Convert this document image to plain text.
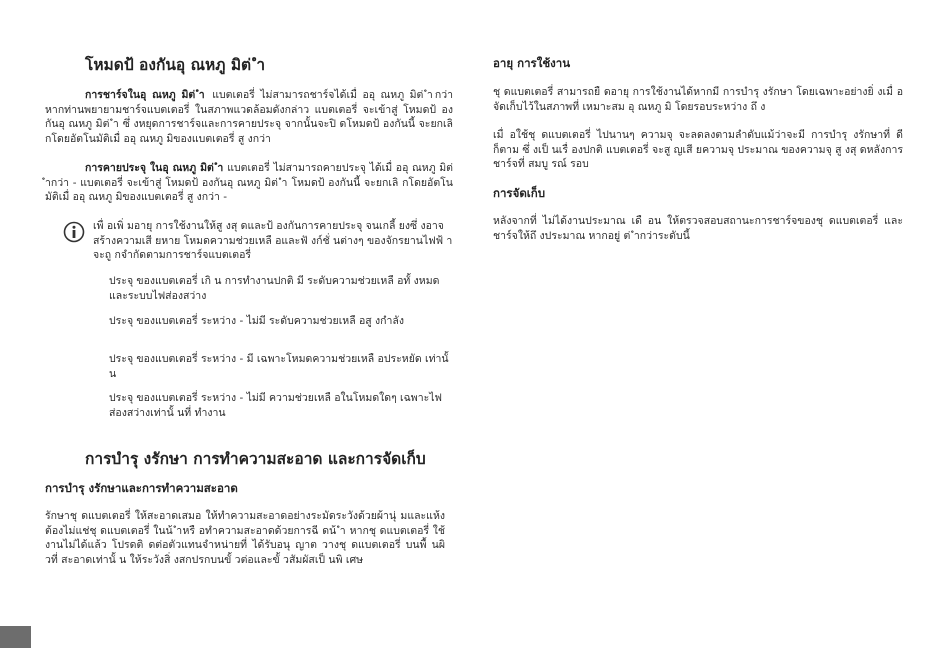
โหมดป้ องกันอุ ณหภู มิต่ ำ

การชาร์จในอุ ณหภู มิต่ ำ แบตเตอรี่ ไม่สามารถชาร์จได้เมื่ ออุ ณหภู มิต่ ำกว่า หากท่านพยายามชาร์จแบตเตอรี่ ในสภาพแวดล้อมดังกล่าว แบตเตอรี่ จะเข้าสู่ โหมดป้ องกันอุ ณหภู มิต่ ำ ซึ่ งหยุดการชาร์จและการคายประจุ จากนั้นจะปิ ดโหมดป้ องกันนี้ จะยกเลิ กโดยอัตโนมัติเมื่ ออุ ณหภู มิของแบตเตอรี่ สู งกว่า

การคายประจุ ในอุ ณหภู มิต่ ำ แบตเตอรี่ ไม่สามารถคายประจุ ได้เมื่ ออุ ณหภู มิต่ ำกว่า - แบตเตอรี่ จะเข้าสู่ โหมดป้ องกันอุ ณหภู มิต่ ำ โหมดป้ องกันนี้ จะยกเลิ กโดยอัตโนมัติเมื่ ออุ ณหภู มิของแบตเตอรี่ สู งกว่า -

เพื่ อเพิ่ มอายุ การใช้งานให้สู งสุ ดและป้ องกันการคายประจุ จนเกลี้ ยงซึ่ งอาจสร้างความเสี ยหาย โหมดความช่วยเหลื อและฟั งก์ชั่ นต่างๆ ของจักรยานไฟฟ้ าจะถู กจำกัดตามการชาร์จแบตเตอรี่

ประจุ ของแบตเตอรี่ เกิ น การทำงานปกติ มี ระดับความช่วยเหลื อทั้ งหมดและระบบไฟส่องสว่าง

ประจุ ของแบตเตอรี่ ระหว่าง - ไม่มี ระดับความช่วยเหลื อสู งกำลัง

ประจุ ของแบตเตอรี่ ระหว่าง - มี เฉพาะโหมดความช่วยเหลื อประหยัด เท่านั้ น

ประจุ ของแบตเตอรี่ ระหว่าง - ไม่มี ความช่วยเหลื อในโหมดใดๆ เฉพาะไฟส่องสว่างเท่านั้ นที่ ทำงาน

การบำรุ งรักษา การทำความสะอาด และการจัดเก็บ
การบำรุ งรักษาและการทำความสะอาด

รักษาชุ ดแบตเตอรี่ ให้สะอาดเสมอ ให้ทำความสะอาดอย่างระมัดระวังด้วยผ้านุ่ มและแห้ง ต้องไม่แช่ชุ ดแบตเตอรี่ ในน้ ำหรื อทำความสะอาดด้วยการฉี ดน้ ำ หากชุ ดแบตเตอรี่ ใช้งานไม่ได้แล้ว โปรดติ ดต่อตัวแทนจำหน่ายที่ ได้รับอนุ ญาต วางชุ ดแบตเตอรี่ บนพื้ นผิ วที่ สะอาดเท่านั้ น ให้ระวังสิ่ งสกปรกบนขั้ วต่อและขั้ วสัมผัสเป็ นพิ เศษ

อายุ การใช้งาน

ชุ ดแบตเตอรี่ สามารถยื ดอายุ การใช้งานได้หากมี การบำรุ งรักษา โดยเฉพาะอย่างยิ่ งเมื่ อจัดเก็บไว้ในสภาพที่ เหมาะสม อุ ณหภู มิ โดยรอบระหว่าง ถึ ง

เมื่ อใช้ชุ ดแบตเตอรี่ ไปนานๆ ความจุ จะลดลงตามลำดับแม้ว่าจะมี การบำรุ งรักษาที่ ดี ก็ตาม ซึ่ งเป็ นเรื่ องปกติ แบตเตอรี่ จะสู ญเสี ยความจุ ประมาณ ของความจุ สู งสุ ดหลังการชาร์จที่ สมบู รณ์ รอบ

การจัดเก็บ

หลังจากที่ ไม่ได้งานประมาณ เดื อน ให้ตรวจสอบสถานะการชาร์จของชุ ดแบตเตอรี่ และชาร์จให้ถึ งประมาณ หากอยู่ ต่ ำกว่าระดับนี้
